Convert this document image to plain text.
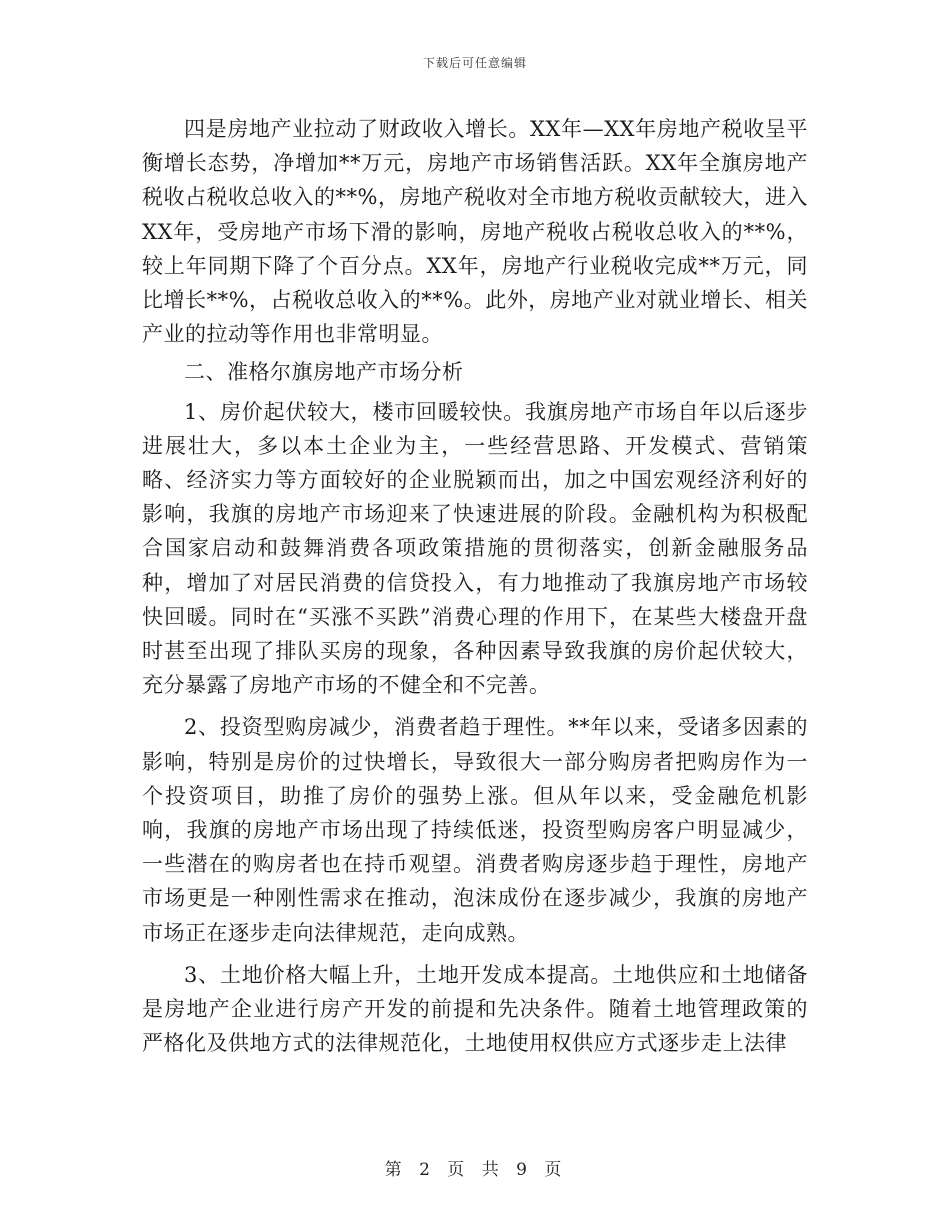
下载后可任意编辑

四是房地产业拉动了财政收入增长。XX年—XX年房地产税收呈平衡增长态势，净增加**万元，房地产市场销售活跃。XX年全旗房地产税收占税收总收入的**%，房地产税收对全市地方税收贡献较大，进入XX年，受房地产市场下滑的影响，房地产税收占税收总收入的**%，较上年同期下降了个百分点。XX年，房地产行业税收完成**万元，同比增长**%，占税收总收入的**%。此外，房地产业对就业增长、相关产业的拉动等作用也非常明显。

二、准格尔旗房地产市场分析

1、房价起伏较大，楼市回暖较快。我旗房地产市场自年以后逐步进展壮大，多以本土企业为主，一些经营思路、开发模式、营销策略、经济实力等方面较好的企业脱颖而出，加之中国宏观经济利好的影响，我旗的房地产市场迎来了快速进展的阶段。金融机构为积极配合国家启动和鼓舞消费各项政策措施的贯彻落实，创新金融服务品种，增加了对居民消费的信贷投入，有力地推动了我旗房地产市场较快回暖。同时在“买涨不买跌”消费心理的作用下，在某些大楼盘开盘时甚至出现了排队买房的现象，各种因素导致我旗的房价起伏较大，充分暴露了房地产市场的不健全和不完善。

2、投资型购房减少，消费者趋于理性。**年以来，受诸多因素的影响，特别是房价的过快增长，导致很大一部分购房者把购房作为一个投资项目，助推了房价的强势上涨。但从年以来，受金融危机影响，我旗的房地产市场出现了持续低迷，投资型购房客户明显减少，一些潜在的购房者也在持币观望。消费者购房逐步趋于理性，房地产市场更是一种刚性需求在推动，泡沫成份在逐步减少，我旗的房地产市场正在逐步走向法律规范，走向成熟。

3、土地价格大幅上升，土地开发成本提高。土地供应和土地储备是房地产企业进行房产开发的前提和先决条件。随着土地管理政策的严格化及供地方式的法律规范化，土地使用权供应方式逐步走上法律

第 2 页 共 9 页
